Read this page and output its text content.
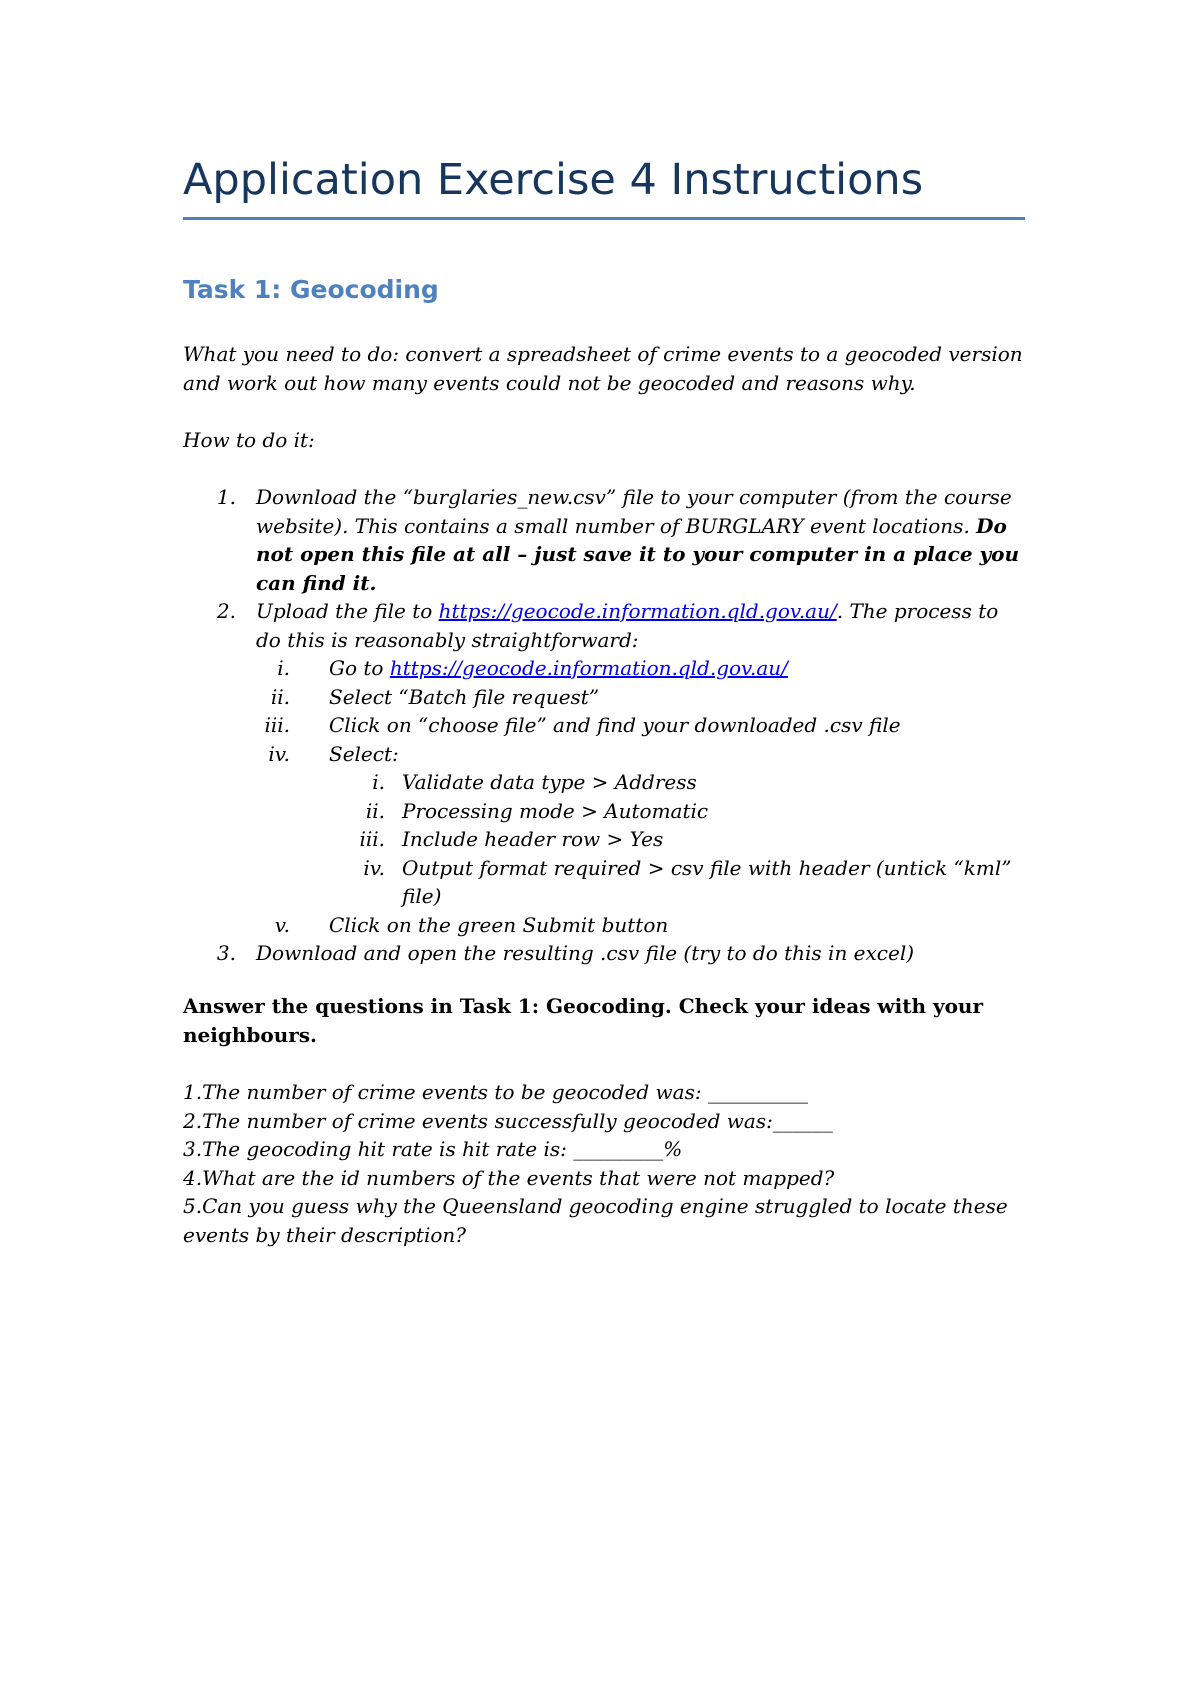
Application Exercise 4 Instructions
Task 1: Geocoding
What you need to do: convert a spreadsheet of crime events to a geocoded version
and work out how many events could not be geocoded and reasons why.
How to do it:
1. Download the “burglaries_new.csv” file to your computer (from the course
website). This contains a small number of BURGLARY event locations. Do
not open this file at all – just save it to your computer in a place you
can find it.
2. Upload the file to https://geocode.information.qld.gov.au/. The process to
do this is reasonably straightforward:
i. Go to https://geocode.information.qld.gov.au/
ii. Select “Batch file request”
iii. Click on “choose file” and find your downloaded .csv file
iv. Select:
i. Validate data type > Address
ii. Processing mode > Automatic
iii. Include header row > Yes
iv. Output format required > csv file with header (untick “kml”
file)
v. Click on the green Submit button
3. Download and open the resulting .csv file (try to do this in excel)
Answer the questions in Task 1: Geocoding. Check your ideas with your
neighbours.
1.The number of crime events to be geocoded was: __________
2.The number of crime events successfully geocoded was:______
3.The geocoding hit rate is hit rate is: _________%
4.What are the id numbers of the events that were not mapped?
5.Can you guess why the Queensland geocoding engine struggled to locate these
events by their description?
